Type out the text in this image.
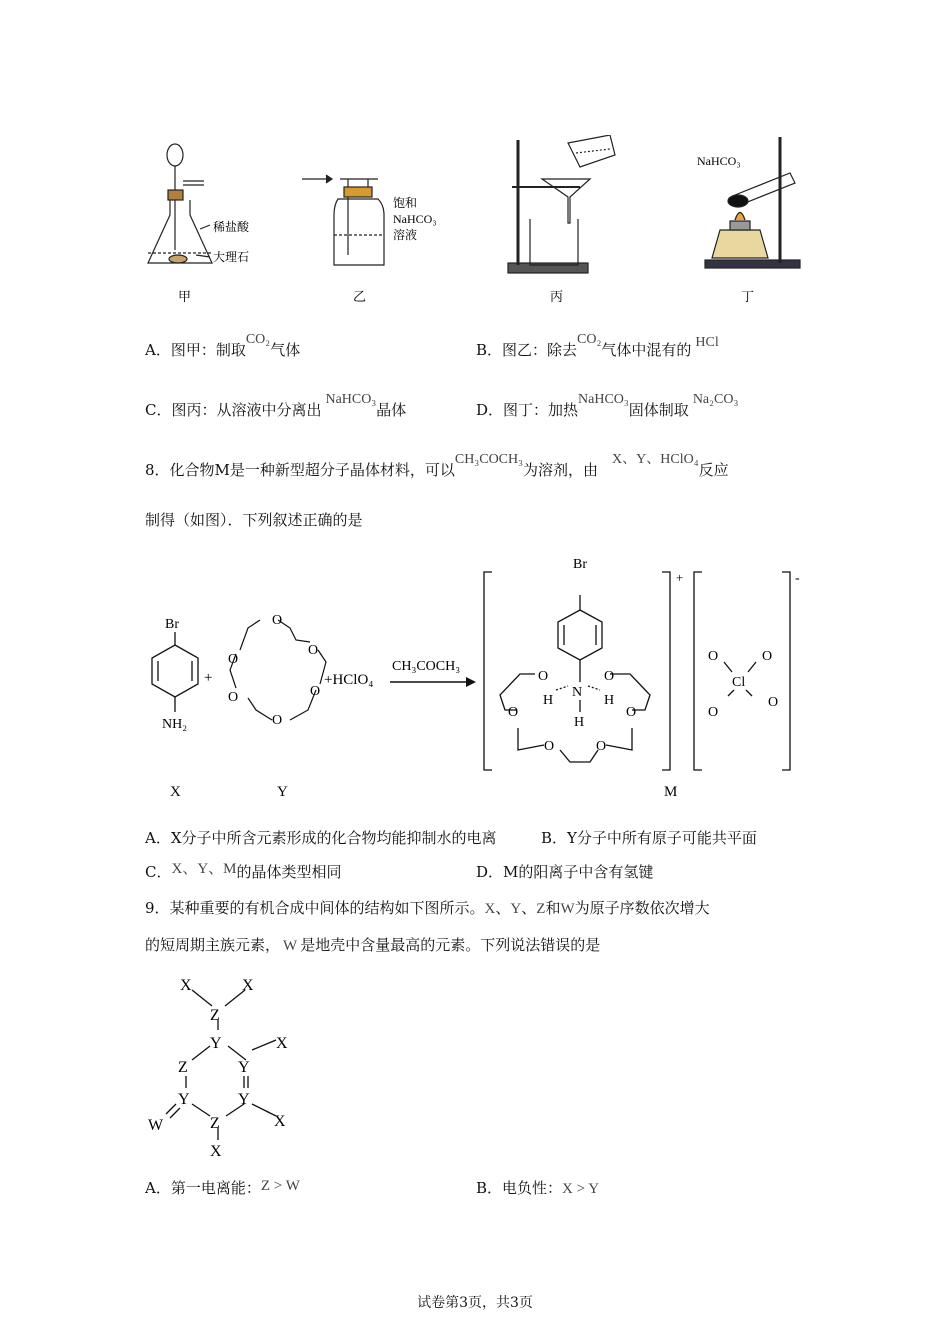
稀盐酸
大理石
甲
饱和
NaHCO₃
溶液
乙	丙
NaHCO₃
丁
A．图甲：制取CO₂气体	B．图乙：除去CO₂气体中混有的 HCl
C．图丙：从溶液中分离出NaHCO₃晶体	D．图丁：加热NaHCO₃固体制取Na₂CO₃
8．化合物M是一种新型超分子晶体材料，可以CH₃COCH₃为溶剂，由X、Y、HClO₄反应
制得（如图）．下列叙述正确的是
Br
NH₂
+
O
O
O
O	O
O
+HClO₄
CH₃COCH₃
Br
O	O
O	O
O	O
H
N
H
H
+
O	O
Cl
O
O
-
X	Y	M
A．X分子中所含元素形成的化合物均能抑制水的电离	B．Y分子中所有原子可能共平面
C．X、Y、M的晶体类型相同	D．M的阳离子中含有氢键
9．某种重要的有机合成中间体的结构如下图所示。X、Y、Z和W为原子序数依次增大
的短周期主族元素， W 是地壳中含量最高的元素。下列说法错误的是
X	X
Z
Y	X
Z	Y
Y	Y
W	Z	X
X
A．第一电离能：Z > W	B．电负性：X > Y
试卷第3页，共3页
